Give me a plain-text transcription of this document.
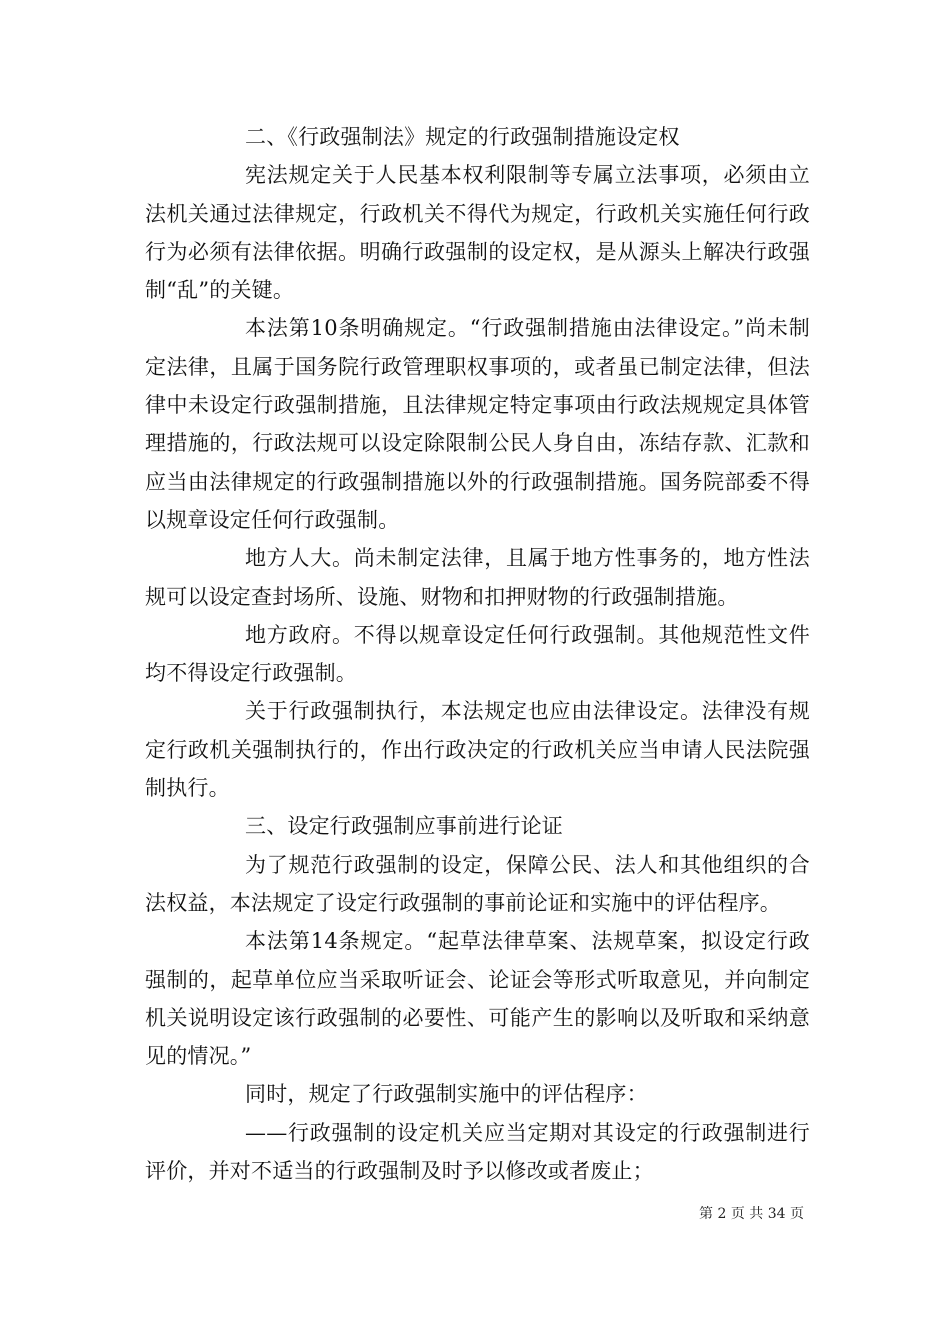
二、《行政强制法》规定的行政强制措施设定权

宪法规定关于人民基本权利限制等专属立法事项，必须由立法机关通过法律规定，行政机关不得代为规定，行政机关实施任何行政行为必须有法律依据。明确行政强制的设定权，是从源头上解决行政强制“乱”的关键。

本法第10条明确规定。“行政强制措施由法律设定。”尚未制定法律，且属于国务院行政管理职权事项的，或者虽已制定法律，但法律中未设定行政强制措施，且法律规定特定事项由行政法规规定具体管理措施的，行政法规可以设定除限制公民人身自由，冻结存款、汇款和应当由法律规定的行政强制措施以外的行政强制措施。国务院部委不得以规章设定任何行政强制。

地方人大。尚未制定法律，且属于地方性事务的，地方性法规可以设定查封场所、设施、财物和扣押财物的行政强制措施。

地方政府。不得以规章设定任何行政强制。其他规范性文件均不得设定行政强制。

关于行政强制执行，本法规定也应由法律设定。法律没有规定行政机关强制执行的，作出行政决定的行政机关应当申请人民法院强制执行。

三、设定行政强制应事前进行论证

为了规范行政强制的设定，保障公民、法人和其他组织的合法权益，本法规定了设定行政强制的事前论证和实施中的评估程序。

本法第14条规定。“起草法律草案、法规草案，拟设定行政强制的，起草单位应当采取听证会、论证会等形式听取意见，并向制定机关说明设定该行政强制的必要性、可能产生的影响以及听取和采纳意见的情况。”

同时，规定了行政强制实施中的评估程序：

——行政强制的设定机关应当定期对其设定的行政强制进行评价，并对不适当的行政强制及时予以修改或者废止；

第 2 页 共 34 页
